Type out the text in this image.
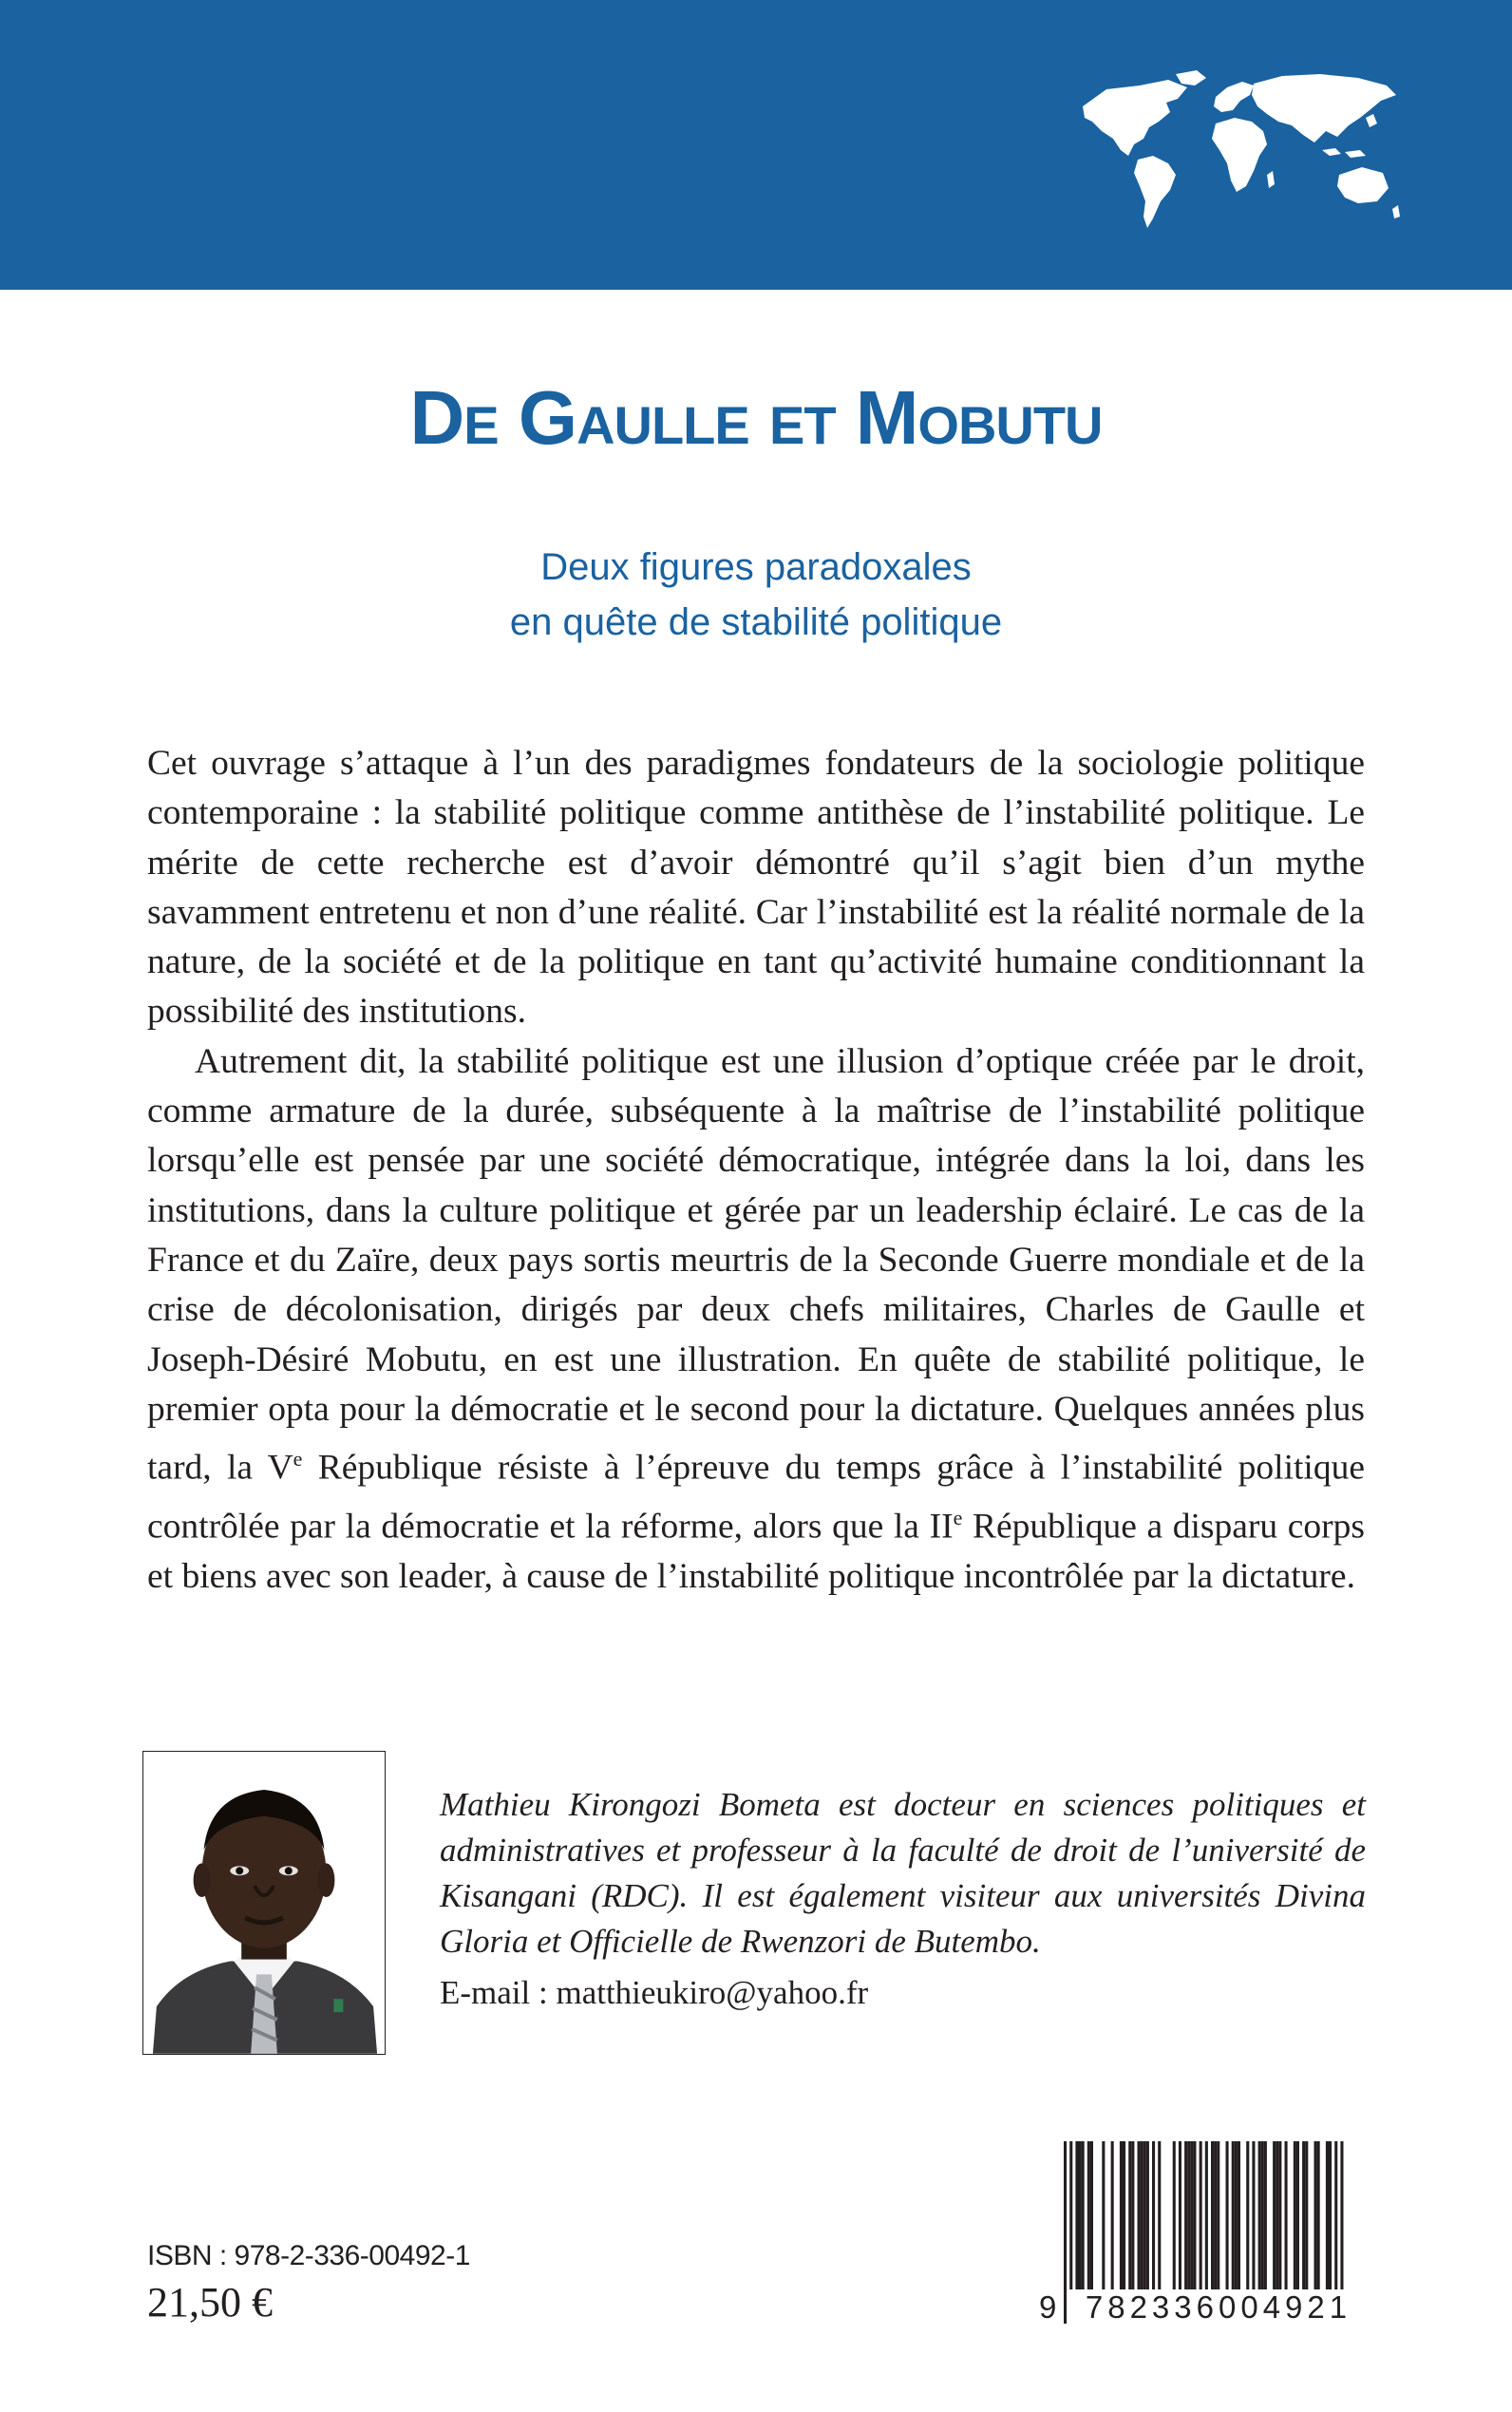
De Gaulle et Mobutu
Deux figures paradoxales
en quête de stabilité politique

Cet ouvrage s’attaque à l’un des paradigmes fondateurs de la sociologie politique contemporaine : la stabilité politique comme antithèse de l’instabilité politique. Le mérite de cette recherche est d’avoir démontré qu’il s’agit bien d’un mythe savamment entretenu et non d’une réalité. Car l’instabilité est la réalité normale de la nature, de la société et de la politique en tant qu’activité humaine conditionnant la possibilité des institutions.

Autrement dit, la stabilité politique est une illusion d’optique créée par le droit, comme armature de la durée, subséquente à la maîtrise de l’instabilité politique lorsqu’elle est pensée par une société démocratique, intégrée dans la loi, dans les institutions, dans la culture politique et gérée par un leadership éclairé. Le cas de la France et du Zaïre, deux pays sortis meurtris de la Seconde Guerre mondiale et de la crise de décolonisation, dirigés par deux chefs militaires, Charles de Gaulle et Joseph-Désiré Mobutu, en est une illustration. En quête de stabilité politique, le premier opta pour la démocratie et le second pour la dictature. Quelques années plus tard, la Ve République résiste à l’épreuve du temps grâce à l’instabilité politique contrôlée par la démocratie et la réforme, alors que la IIe République a disparu corps et biens avec son leader, à cause de l’instabilité politique incontrôlée par la dictature.

Mathieu Kirongozi Bometa est docteur en sciences politiques et administratives et professeur à la faculté de droit de l’université de Kisangani (RDC). Il est également visiteur aux universités Divina Gloria et Officielle de Rwenzori de Butembo.

E-mail : matthieukiro@yahoo.fr

ISBN : 978-2-336-00492-1
21,50 €	9 782336004921
